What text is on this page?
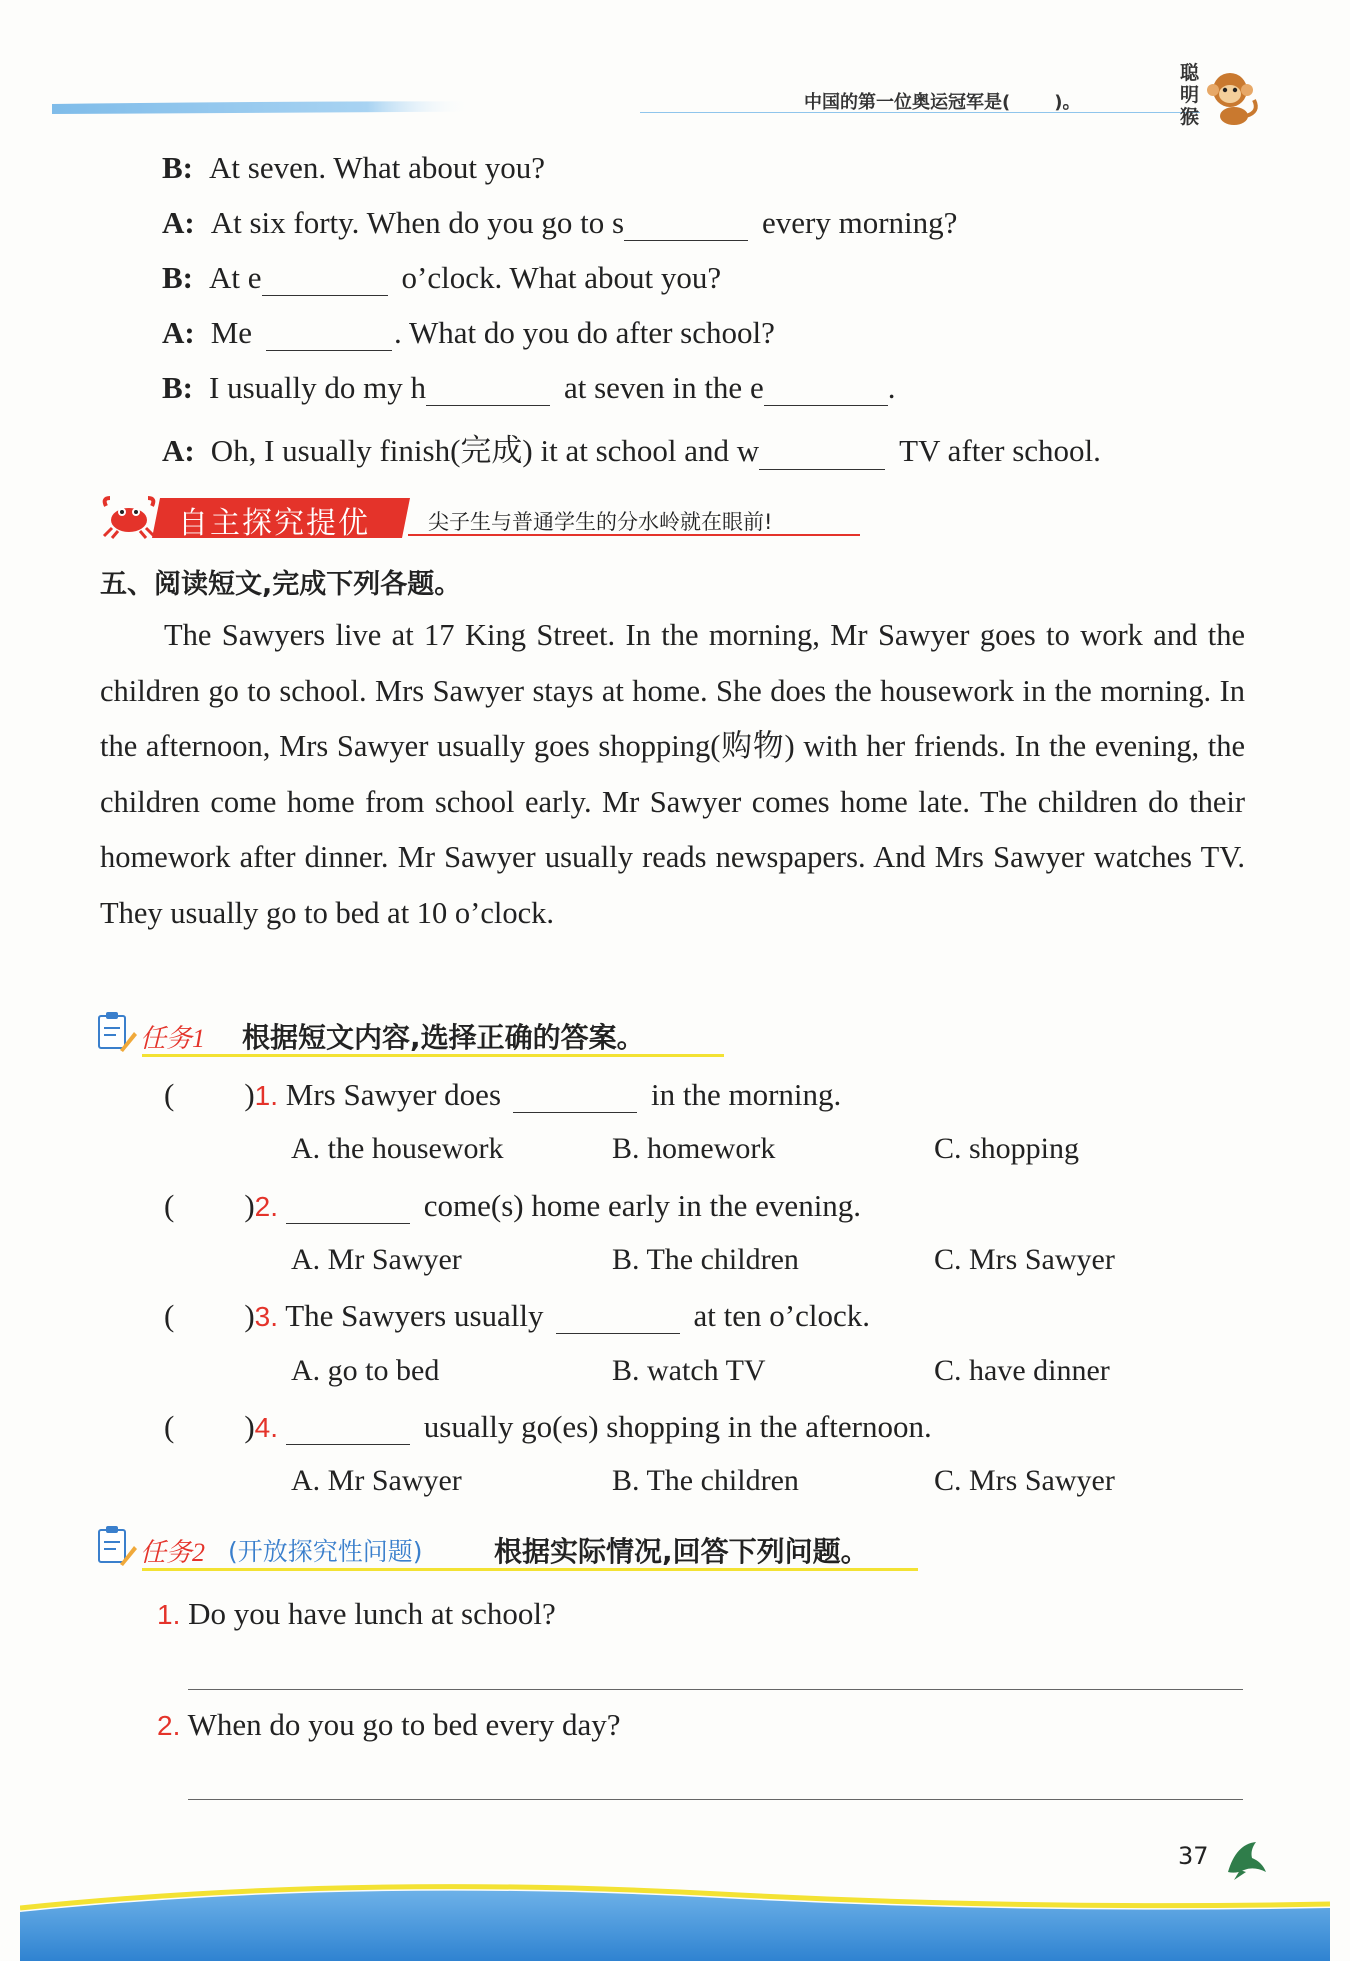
中国的第一位奥运冠军是( )。
聪明猴
B: At seven. What about you?
A: At six forty. When do you go to s	every morning?
B: At e	o’clock. What about you?
A: Me	. What do you do after school?
B: I usually do my h	at seven in the e	.
A: Oh, I usually finish(完成) it at school and w	TV after school.
自主探究提优	尖子生与普通学生的分水岭就在眼前!
五、阅读短文,完成下列各题。
The Sawyers live at 17 King Street. In the morning, Mr Sawyer goes to work and the children go to school. Mrs Sawyer stays at home. She does the housework in the morning. In the afternoon, Mrs Sawyer usually goes shopping(购物) with her friends. In the evening, the children come home from school early. Mr Sawyer comes home late. The children do their homework after dinner. Mr Sawyer usually reads newspapers. And Mrs Sawyer watches TV. They usually go to bed at 10 o’clock.
任务1 根据短文内容,选择正确的答案。
( )1. Mrs Sawyer does	in the morning.
A. the housework	B. homework	C. shopping
( )2.	come(s) home early in the evening.
A. Mr Sawyer	B. The children	C. Mrs Sawyer
( )3. The Sawyers usually	at ten o’clock.
A. go to bed	B. watch TV	C. have dinner
( )4.	usually go(es) shopping in the afternoon.
A. Mr Sawyer	B. The children	C. Mrs Sawyer
任务2 (开放探究性问题)	根据实际情况,回答下列问题。
1. Do you have lunch at school?
2. When do you go to bed every day?
37
